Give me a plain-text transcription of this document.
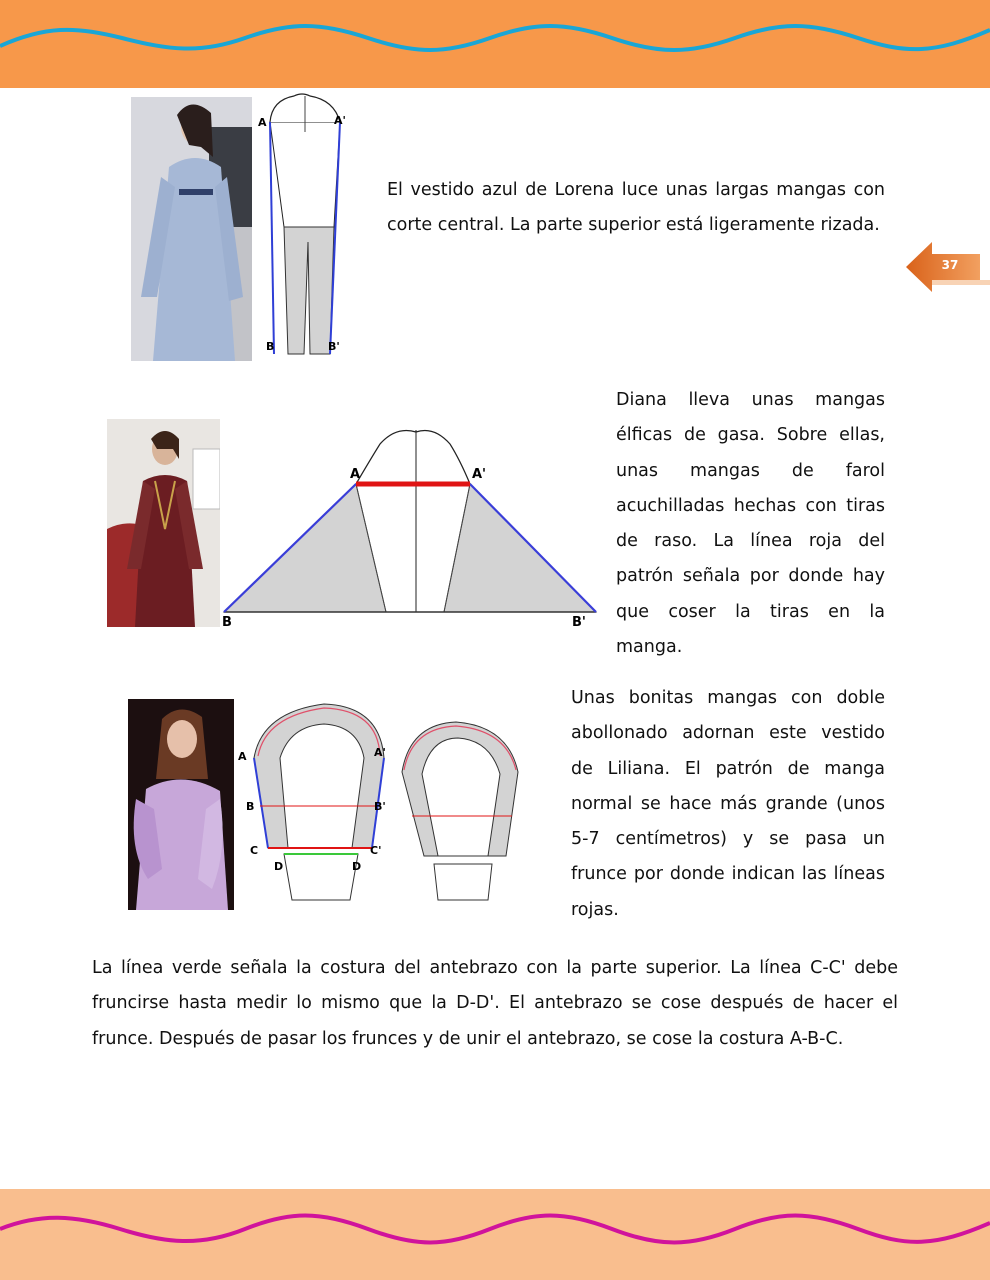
37
A	A'
B	B'

El vestido azul de Lorena luce unas largas mangas con corte central. La parte superior está ligeramente rizada.

A	A'
B	B'

Diana lleva unas mangas élficas de gasa. Sobre ellas, unas mangas de farol acuchilladas hechas con tiras de raso. La línea roja del patrón señala por donde hay que coser la tiras en la manga.

A	A'
B	B'
C	C'
D	D

Unas bonitas mangas con doble abollonado adornan este vestido de Liliana. El patrón de manga normal se hace más grande (unos 5-7 centímetros) y se pasa un frunce por donde indican las líneas rojas.

La línea verde señala la costura del antebrazo con la parte superior. La línea C-C' debe fruncirse hasta medir lo mismo que la D-D'. El antebrazo se cose después de hacer el frunce. Después de pasar los frunces y de unir el antebrazo, se cose la costura A-B-C.
